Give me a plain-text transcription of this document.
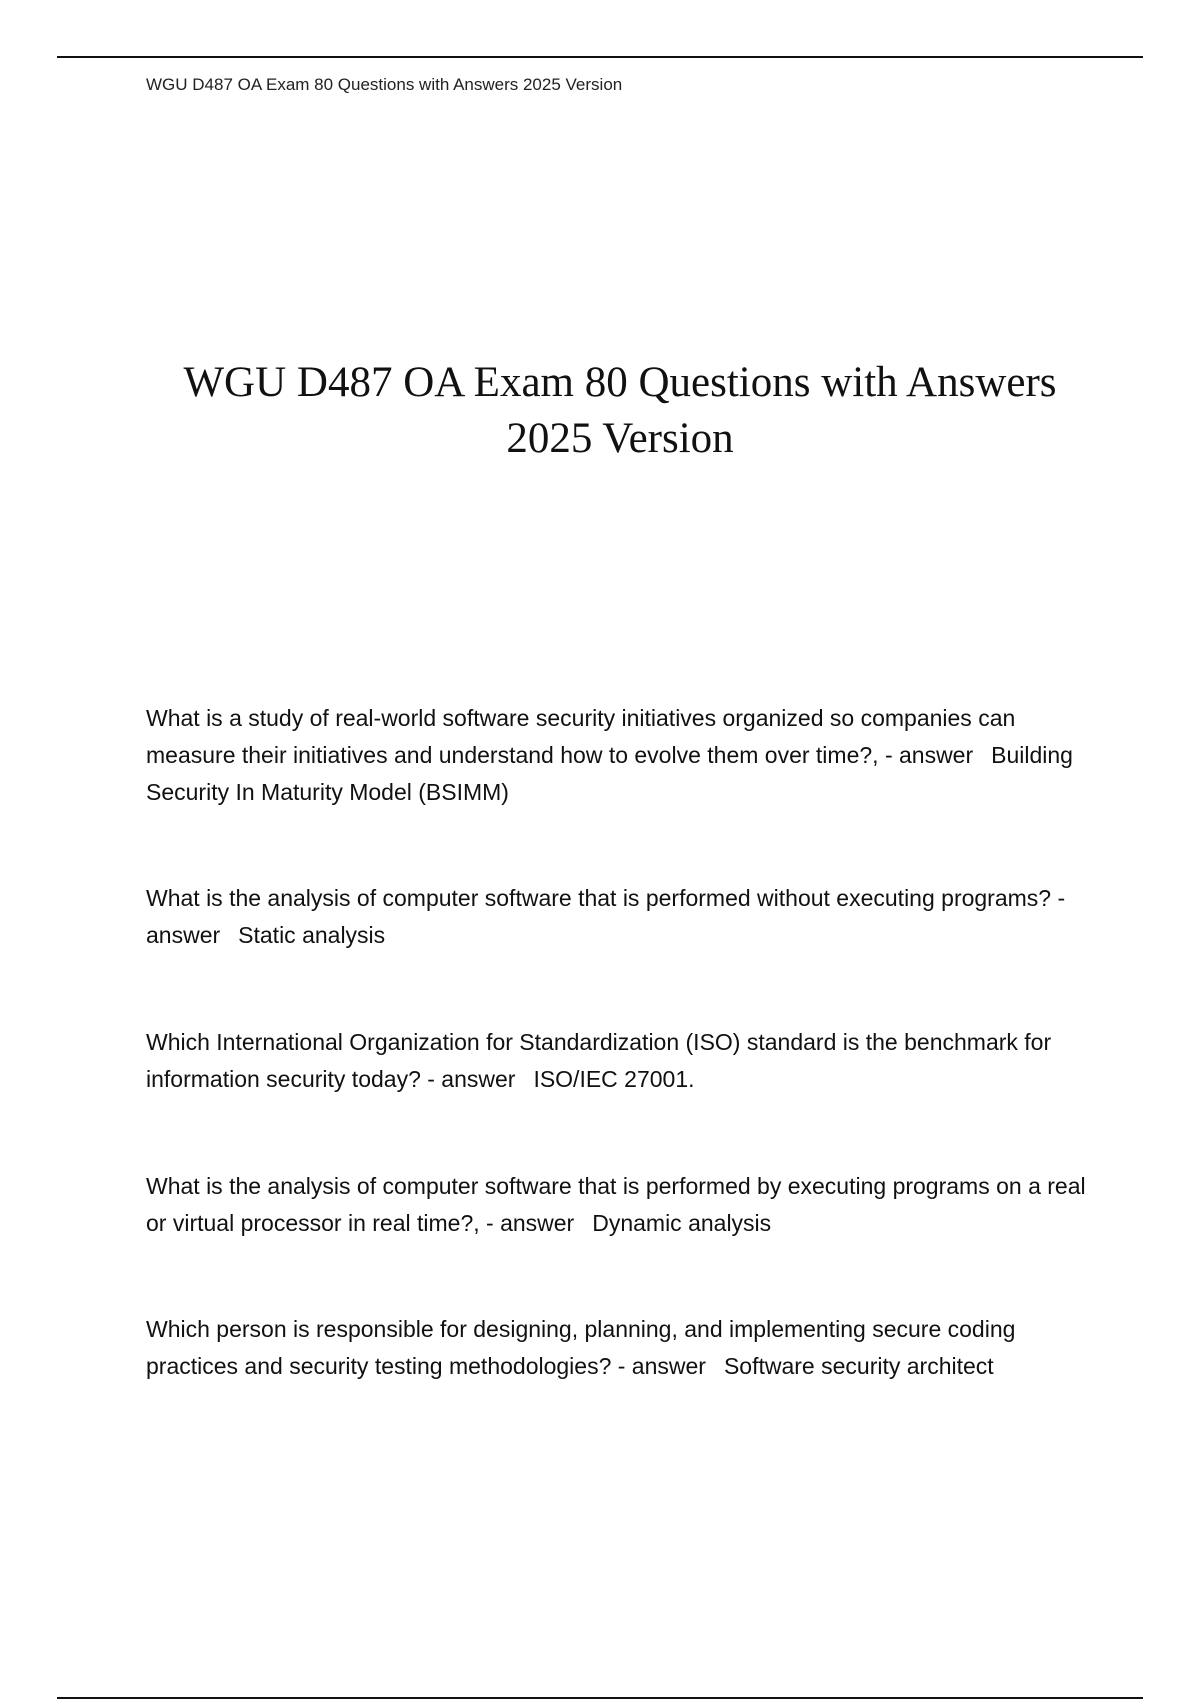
WGU D487 OA Exam 80 Questions with Answers 2025 Version
WGU D487 OA Exam 80 Questions with Answers
2025 Version
What is a study of real-world software security initiatives organized so companies can measure their initiatives and understand how to evolve them over time?, - answer Building Security In Maturity Model (BSIMM)
What is the analysis of computer software that is performed without executing programs? - answer Static analysis
Which International Organization for Standardization (ISO) standard is the benchmark for information security today? - answer ISO/IEC 27001.
What is the analysis of computer software that is performed by executing programs on a real or virtual processor in real time?, - answer Dynamic analysis
Which person is responsible for designing, planning, and implementing secure coding practices and security testing methodologies? - answer Software security architect
